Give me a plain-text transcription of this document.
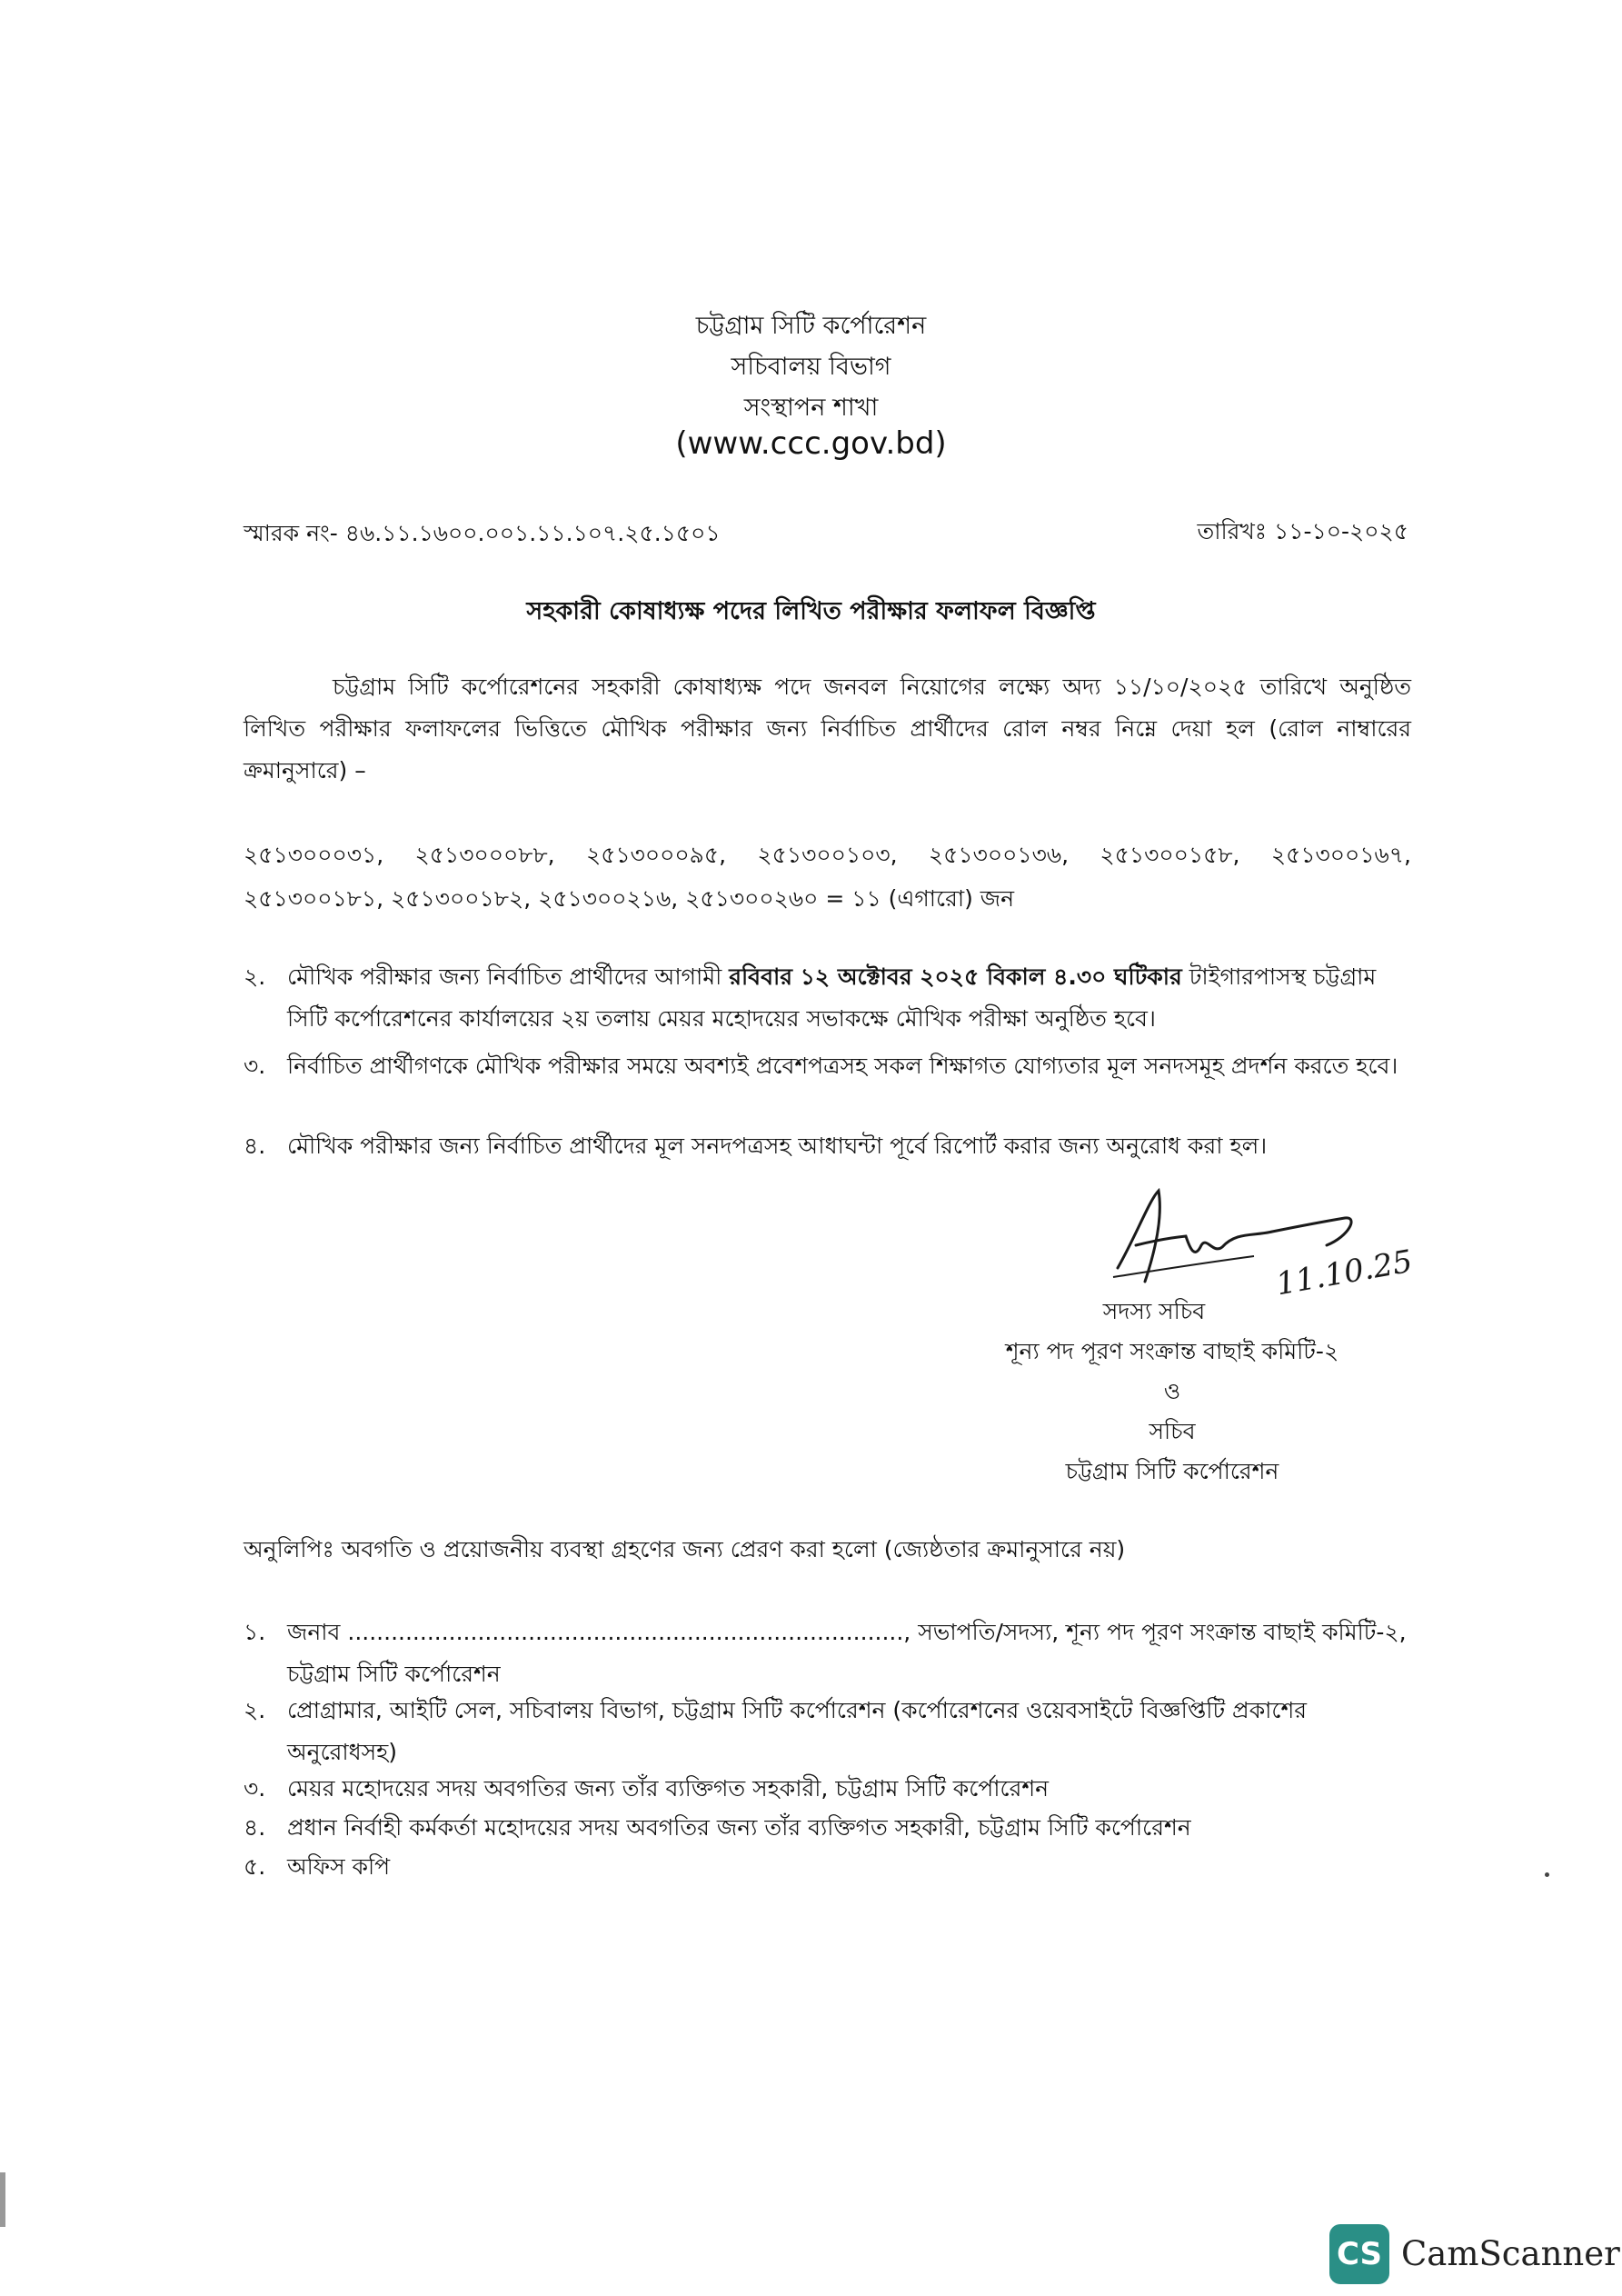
চট্টগ্রাম সিটি কর্পোরেশন
সচিবালয় বিভাগ
সংস্থাপন শাখা
(www.ccc.gov.bd)
স্মারক নং- ৪৬.১১.১৬০০.০০১.১১.১০৭.২৫.১৫০১	তারিখঃ ১১-১০-২০২৫
সহকারী কোষাধ্যক্ষ পদের লিখিত পরীক্ষার ফলাফল বিজ্ঞপ্তি
চট্টগ্রাম সিটি কর্পোরেশনের সহকারী কোষাধ্যক্ষ পদে জনবল নিয়োগের লক্ষ্যে অদ্য ১১/১০/২০২৫ তারিখে অনুষ্ঠিত লিখিত পরীক্ষার ফলাফলের ভিত্তিতে মৌখিক পরীক্ষার জন্য নির্বাচিত প্রার্থীদের রোল নম্বর নিম্নে দেয়া হল (রোল নাম্বারের ক্রমানুসারে) –
২৫১৩০০০৩১, ২৫১৩০০০৮৮, ২৫১৩০০০৯৫, ২৫১৩০০১০৩, ২৫১৩০০১৩৬, ২৫১৩০০১৫৮, ২৫১৩০০১৬৭, ২৫১৩০০১৮১, ২৫১৩০০১৮২, ২৫১৩০০২১৬, ২৫১৩০০২৬০ = ১১ (এগারো) জন
২. মৌখিক পরীক্ষার জন্য নির্বাচিত প্রার্থীদের আগামী রবিবার ১২ অক্টোবর ২০২৫ বিকাল ৪.৩০ ঘটিকার টাইগারপাসস্থ চট্টগ্রাম সিটি কর্পোরেশনের কার্যালয়ের ২য় তলায় মেয়র মহোদয়ের সভাকক্ষে মৌখিক পরীক্ষা অনুষ্ঠিত হবে।
৩. নির্বাচিত প্রার্থীগণকে মৌখিক পরীক্ষার সময়ে অবশ্যই প্রবেশপত্রসহ সকল শিক্ষাগত যোগ্যতার মূল সনদসমূহ প্রদর্শন করতে হবে।
৪. মৌখিক পরীক্ষার জন্য নির্বাচিত প্রার্থীদের মূল সনদপত্রসহ আধাঘন্টা পূর্বে রিপোর্ট করার জন্য অনুরোধ করা হল।
11.10.25
সদস্য সচিব
শূন্য পদ পূরণ সংক্রান্ত বাছাই কমিটি-২
ও
সচিব
চট্টগ্রাম সিটি কর্পোরেশন
অনুলিপিঃ অবগতি ও প্রয়োজনীয় ব্যবস্থা গ্রহণের জন্য প্রেরণ করা হলো (জ্যেষ্ঠতার ক্রমানুসারে নয়)
১. জনাব ............................................................................., সভাপতি/সদস্য, শূন্য পদ পূরণ সংক্রান্ত বাছাই কমিটি-২, চট্টগ্রাম সিটি কর্পোরেশন
২. প্রোগ্রামার, আইটি সেল, সচিবালয় বিভাগ, চট্টগ্রাম সিটি কর্পোরেশন (কর্পোরেশনের ওয়েবসাইটে বিজ্ঞপ্তিটি প্রকাশের অনুরোধসহ)
৩. মেয়র মহোদয়ের সদয় অবগতির জন্য তাঁর ব্যক্তিগত সহকারী, চট্টগ্রাম সিটি কর্পোরেশন
৪. প্রধান নির্বাহী কর্মকর্তা মহোদয়ের সদয় অবগতির জন্য তাঁর ব্যক্তিগত সহকারী, চট্টগ্রাম সিটি কর্পোরেশন
৫. অফিস কপি
CS CamScanner
